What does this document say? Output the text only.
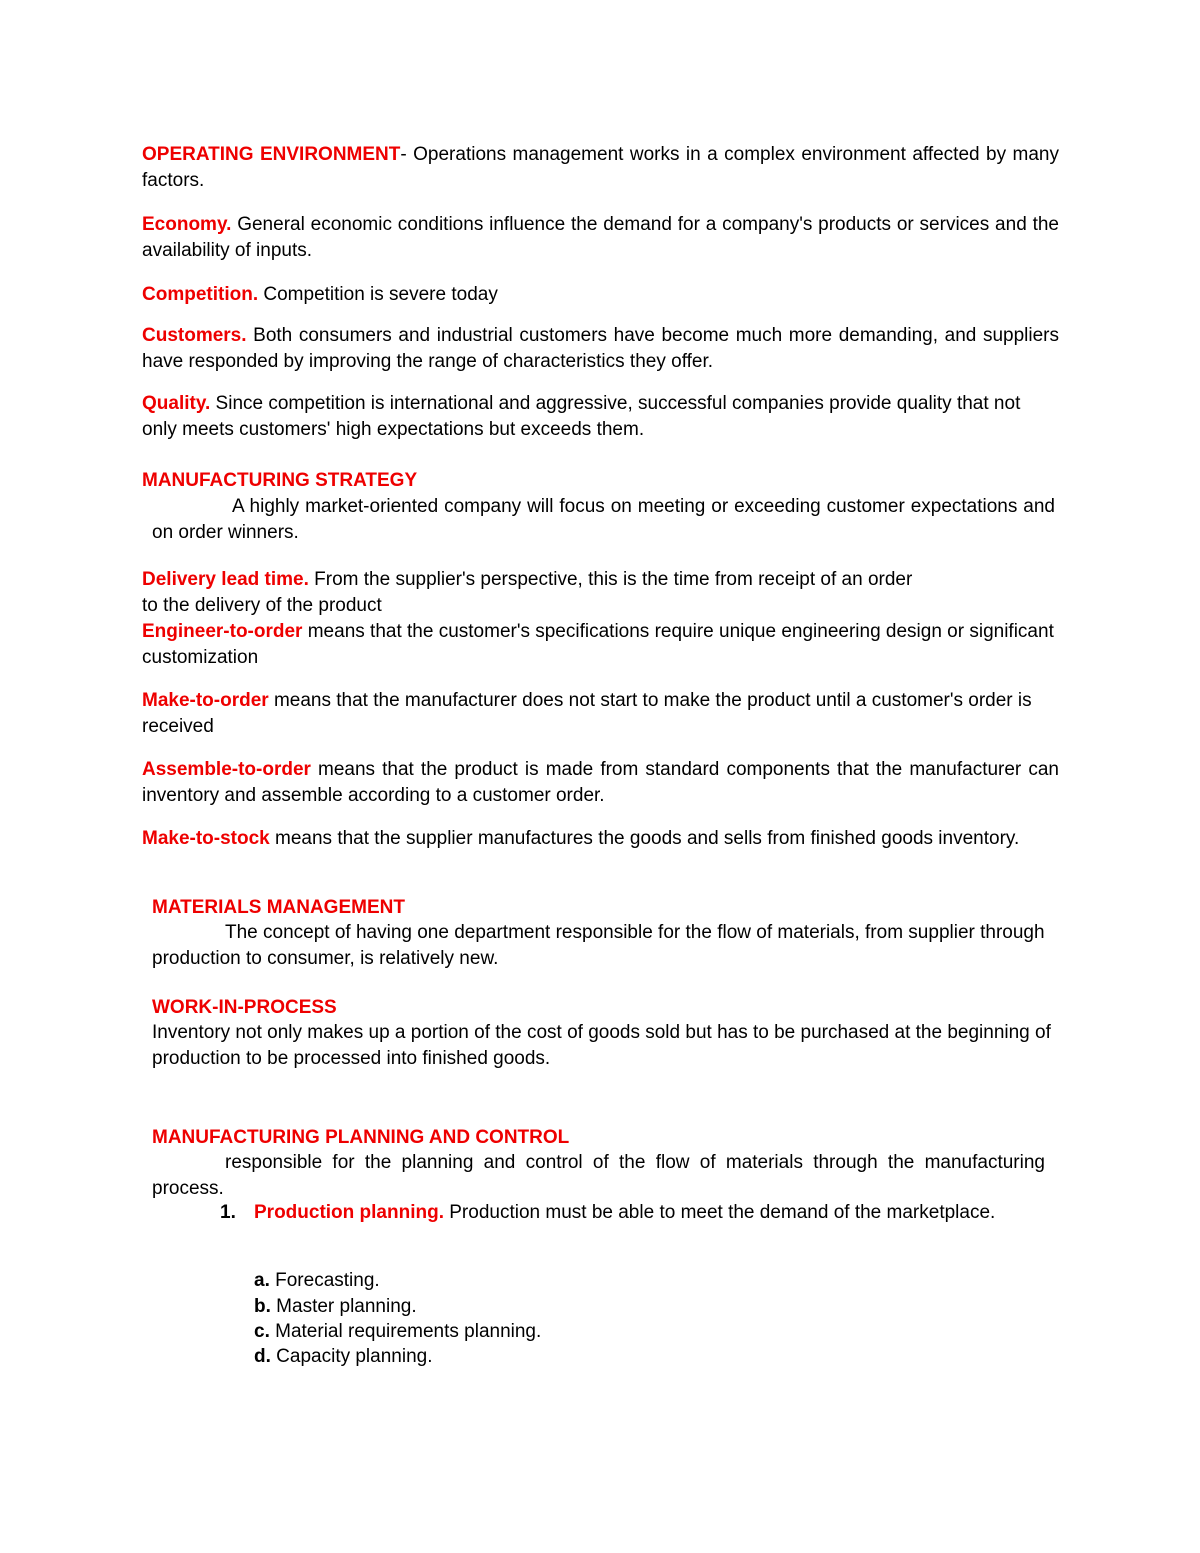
OPERATING ENVIRONMENT- Operations management works in a complex environment affected by many factors.
Economy. General economic conditions influence the demand for a company's products or services and the availability of inputs.
Competition. Competition is severe today
Customers. Both consumers and industrial customers have become much more demanding, and suppliers have responded by improving the range of characteristics they offer.
Quality. Since competition is international and aggressive, successful companies provide quality that not only meets customers' high expectations but exceeds them.
MANUFACTURING STRATEGY
A highly market-oriented company will focus on meeting or exceeding customer expectations and on order winners.
Delivery lead time. From the supplier's perspective, this is the time from receipt of an order
to the delivery of the product
Engineer-to-order means that the customer's specifications require unique engineering design or significant customization
Make-to-order means that the manufacturer does not start to make the product until a customer's order is received
Assemble-to-order means that the product is made from standard components that the manufacturer can inventory and assemble according to a customer order.
Make-to-stock means that the supplier manufactures the goods and sells from finished goods inventory.
MATERIALS MANAGEMENT
The concept of having one department responsible for the flow of materials, from supplier through production to consumer, is relatively new.
WORK-IN-PROCESS
Inventory not only makes up a portion of the cost of goods sold but has to be purchased at the beginning of production to be processed into finished goods.
MANUFACTURING PLANNING AND CONTROL
responsible for the planning and control of the flow of materials through the manufacturing process.
1. Production planning. Production must be able to meet the demand of the marketplace.
a. Forecasting.
b. Master planning.
c. Material requirements planning.
d. Capacity planning.
